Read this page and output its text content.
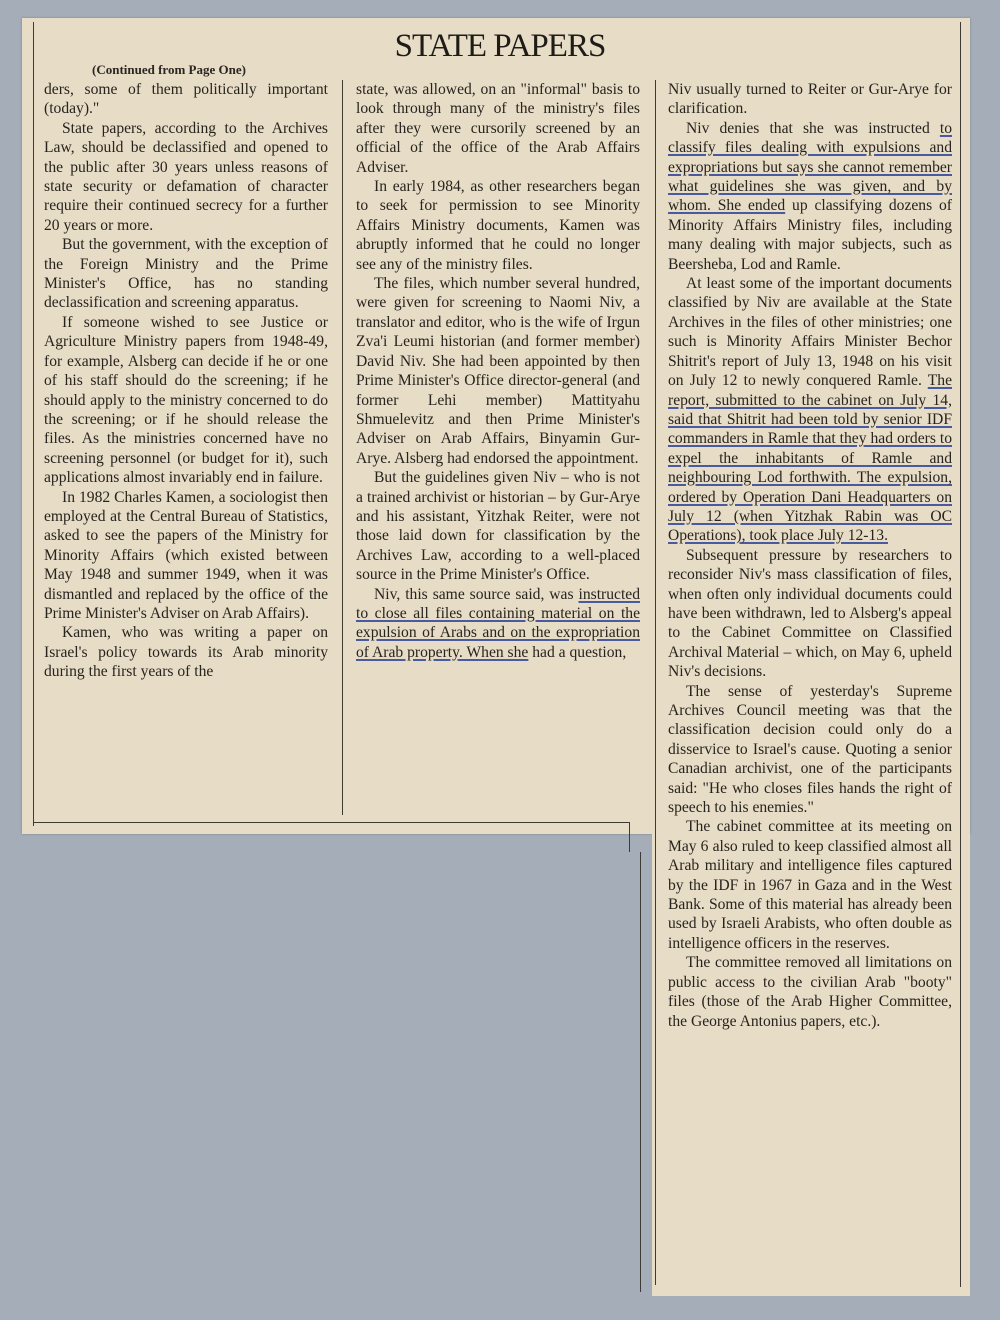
STATE PAPERS
(Continued from Page One)

ders, some of them politically important (today)."

State papers, according to the Archives Law, should be declassified and opened to the public after 30 years unless reasons of state security or defamation of character require their continued secrecy for a further 20 years or more.

But the government, with the exception of the Foreign Ministry and the Prime Minister's Office, has no standing declassification and screening apparatus.

If someone wished to see Justice or Agriculture Ministry papers from 1948-49, for example, Alsberg can decide if he or one of his staff should do the screening; if he should apply to the ministry concerned to do the screening; or if he should release the files. As the ministries concerned have no screening personnel (or budget for it), such applications almost invariably end in failure.

In 1982 Charles Kamen, a sociologist then employed at the Central Bureau of Statistics, asked to see the papers of the Ministry for Minority Affairs (which existed between May 1948 and summer 1949, when it was dismantled and replaced by the office of the Prime Minister's Adviser on Arab Affairs).

Kamen, who was writing a paper on Israel's policy towards its Arab minority during the first years of the

state, was allowed, on an "informal" basis to look through many of the ministry's files after they were cursorily screened by an official of the office of the Arab Affairs Adviser.

In early 1984, as other researchers began to seek for permission to see Minority Affairs Ministry documents, Kamen was abruptly informed that he could no longer see any of the ministry files.

The files, which number several hundred, were given for screening to Naomi Niv, a translator and editor, who is the wife of Irgun Zva'i Leumi historian (and former member) David Niv. She had been appointed by then Prime Minister's Office director-general (and former Lehi member) Mattityahu Shmuelevitz and then Prime Minister's Adviser on Arab Affairs, Binyamin Gur-Arye. Alsberg had endorsed the appointment.

But the guidelines given Niv – who is not a trained archivist or historian – by Gur-Arye and his assistant, Yitzhak Reiter, were not those laid down for classification by the Archives Law, according to a well-placed source in the Prime Minister's Office.

Niv, this same source said, was instructed to close all files containing material on the expulsion of Arabs and on the expropriation of Arab property. When she had a question,

Niv usually turned to Reiter or Gur-Arye for clarification.

Niv denies that she was instructed to classify files dealing with expulsions and expropriations but says she cannot remember what guidelines she was given, and by whom. She ended up classifying dozens of Minority Affairs Ministry files, including many dealing with major subjects, such as Beersheba, Lod and Ramle.

At least some of the important documents classified by Niv are available at the State Archives in the files of other ministries; one such is Minority Affairs Minister Bechor Shitrit's report of July 13, 1948 on his visit on July 12 to newly conquered Ramle. The report, submitted to the cabinet on July 14, said that Shitrit had been told by senior IDF commanders in Ramle that they had orders to expel the inhabitants of Ramle and neighbouring Lod forthwith. The expulsion, ordered by Operation Dani Headquarters on July 12 (when Yitzhak Rabin was OC Operations), took place July 12-13.

Subsequent pressure by researchers to reconsider Niv's mass classification of files, when often only individual documents could have been withdrawn, led to Alsberg's appeal to the Cabinet Committee on Classified Archival Material – which, on May 6, upheld Niv's decisions.

The sense of yesterday's Supreme Archives Council meeting was that the classification decision could only do a disservice to Israel's cause. Quoting a senior Canadian archivist, one of the participants said: "He who closes files hands the right of speech to his enemies."

The cabinet committee at its meeting on May 6 also ruled to keep classified almost all Arab military and intelligence files captured by the IDF in 1967 in Gaza and in the West Bank. Some of this material has already been used by Israeli Arabists, who often double as intelligence officers in the reserves.

The committee removed all limitations on public access to the civilian Arab "booty" files (those of the Arab Higher Committee, the George Antonius papers, etc.).
